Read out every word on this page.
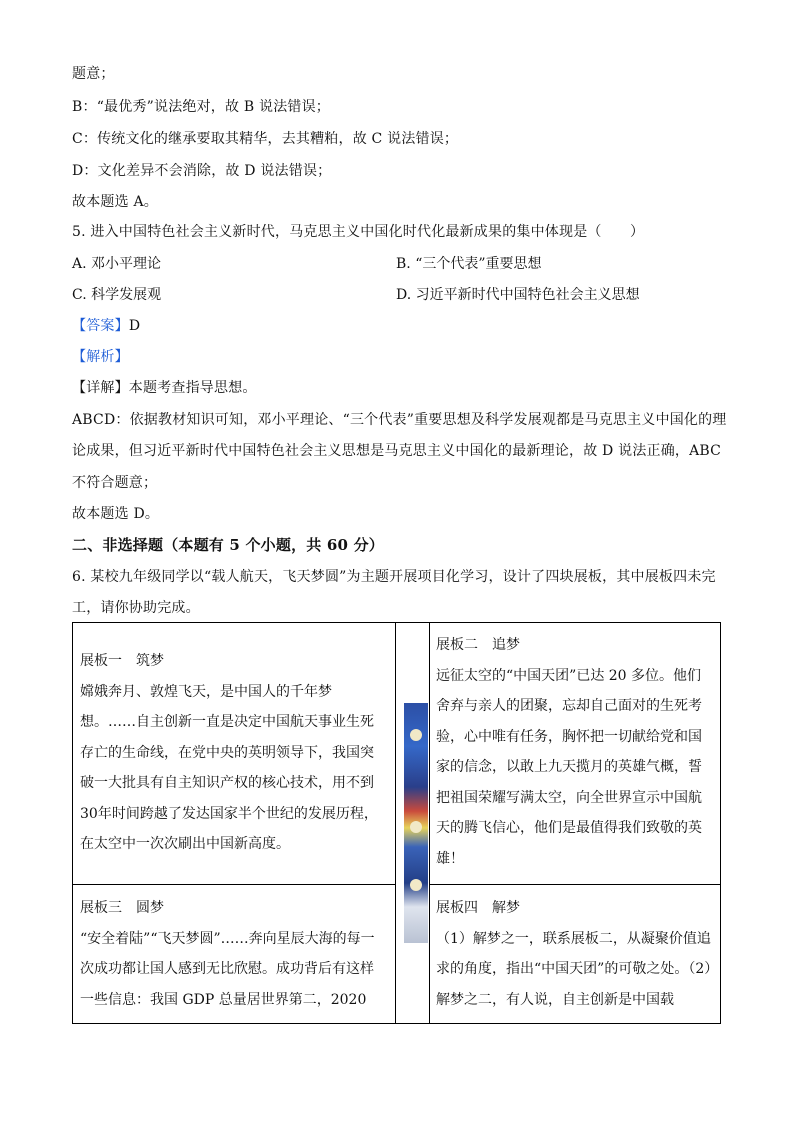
题意；
B：“最优秀”说法绝对，故 B 说法错误；
C：传统文化的继承要取其精华，去其糟粕，故 C 说法错误；
D：文化差异不会消除，故 D 说法错误；
故本题选 A。
5. 进入中国特色社会主义新时代，马克思主义中国化时代化最新成果的集中体现是（　　）
A. 邓小平理论	B. “三个代表”重要思想
C. 科学发展观	D. 习近平新时代中国特色社会主义思想
【答案】D
【解析】
【详解】本题考查指导思想。
ABCD：依据教材知识可知，邓小平理论、“三个代表”重要思想及科学发展观都是马克思主义中国化的理
论成果，但习近平新时代中国特色社会主义思想是马克思主义中国化的最新理论，故 D 说法正确，ABC
不符合题意；
故本题选 D。
二、非选择题（本题有 5 个小题，共 60 分）
6. 某校九年级同学以“载人航天，飞天梦圆”为主题开展项目化学习，设计了四块展板，其中展板四未完
工，请你协助完成。
展板一　筑梦
嫦娥奔月、敦煌飞天，是中国人的千年梦想。……自主创新一直是决定中国航天事业生死存亡的生命线，在党中央的英明领导下，我国突破一大批具有自主知识产权的核心技术，用不到30年时间跨越了发达国家半个世纪的发展历程，在太空中一次次刷出中国新高度。
展板二　追梦
远征太空的“中国天团”已达 20 多位。他们舍弃与亲人的团聚，忘却自己面对的生死考验，心中唯有任务，胸怀把一切献给党和国家的信念，以敢上九天揽月的英雄气概，誓把祖国荣耀写满太空，向全世界宣示中国航天的腾飞信心，他们是最值得我们致敬的英雄！
展板三　圆梦
“安全着陆”“飞天梦圆”……奔向星辰大海的每一次成功都让国人感到无比欣慰。成功背后有这样一些信息：我国 GDP 总量居世界第二，2020
展板四　解梦
（1）解梦之一，联系展板二，从凝聚价值追求的角度，指出“中国天团”的可敬之处。（2）解梦之二，有人说，自主创新是中国载
